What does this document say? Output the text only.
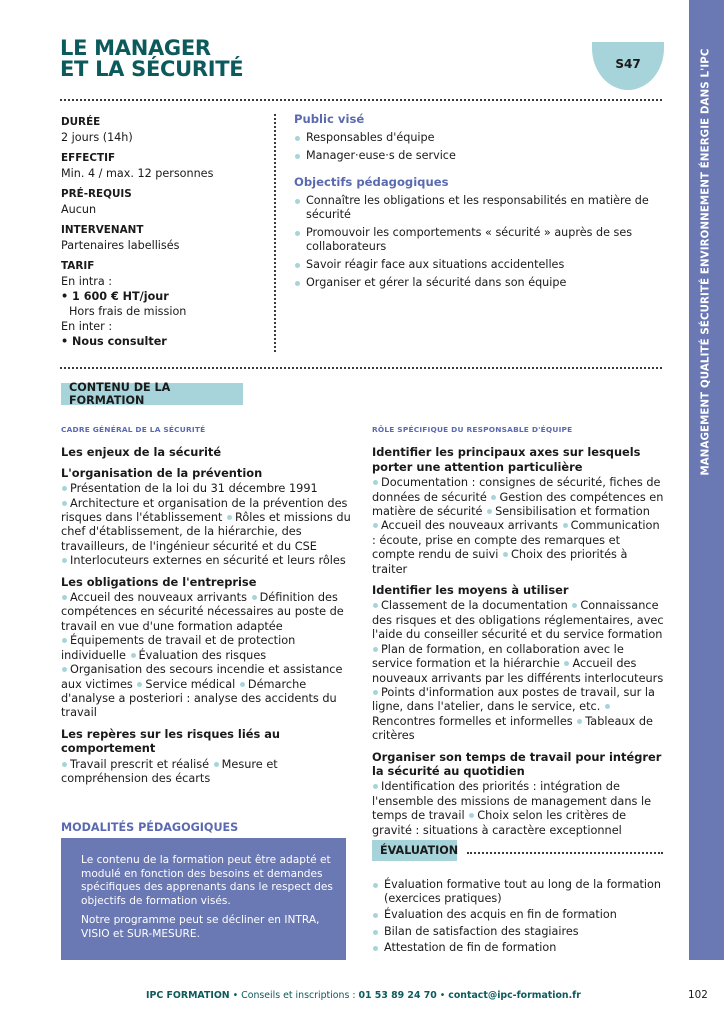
MANAGEMENT QUALITÉ SÉCURITÉ ENVIRONNEMENT ÉNERGIE DANS L'IPC
LE MANAGER
ET LA SÉCURITÉ	S47
DURÉE
2 jours (14h)
EFFECTIF
Min. 4 / max. 12 personnes
PRÉ-REQUIS
Aucun
INTERVENANT
Partenaires labellisés
TARIF
En intra :
• 1 600 € HT/jour
Hors frais de mission
En inter :
• Nous consulter
Public visé
Responsables d'équipe
Manager·euse·s de service
Objectifs pédagogiques
Connaître les obligations et les responsabilités en matière de sécurité
Promouvoir les comportements « sécurité » auprès de ses collaborateurs
Savoir réagir face aux situations accidentelles
Organiser et gérer la sécurité dans son équipe
CONTENU DE LA FORMATION
CADRE GÉNÉRAL DE LA SÉCURITÉ
Les enjeux de la sécurité
L'organisation de la prévention
Présentation de la loi du 31 décembre 1991
Architecture et organisation de la prévention des risques dans l'établissement Rôles et missions du chef d'établissement, de la hiérarchie, des travailleurs, de l'ingénieur sécurité et du CSE
Interlocuteurs externes en sécurité et leurs rôles
Les obligations de l'entreprise
Accueil des nouveaux arrivants Définition des compétences en sécurité nécessaires au poste de travail en vue d'une formation adaptée
Équipements de travail et de protection individuelle Évaluation des risques
Organisation des secours incendie et assistance aux victimes Service médical Démarche d'analyse a posteriori : analyse des accidents du travail
Les repères sur les risques liés au comportement
Travail prescrit et réalisé Mesure et compréhension des écarts
RÔLE SPÉCIFIQUE DU RESPONSABLE D'ÉQUIPE
Identifier les principaux axes sur lesquels porter une attention particulière
Documentation : consignes de sécurité, fiches de données de sécurité Gestion des compétences en matière de sécurité Sensibilisation et formation
Accueil des nouveaux arrivants Communication : écoute, prise en compte des remarques et compte rendu de suivi Choix des priorités à traiter
Identifier les moyens à utiliser
Classement de la documentation Connaissance des risques et des obligations réglementaires, avec l'aide du conseiller sécurité et du service formation
Plan de formation, en collaboration avec le service formation et la hiérarchie Accueil des nouveaux arrivants par les différents interlocuteurs Points d'information aux postes de travail, sur la ligne, dans l'atelier, dans le service, etc. Rencontres formelles et informelles Tableaux de critères
Organiser son temps de travail pour intégrer la sécurité au quotidien
Identification des priorités : intégration de l'ensemble des missions de management dans le temps de travail Choix selon les critères de gravité : situations à caractère exceptionnel
MODALITÉS PÉDAGOGIQUES

Le contenu de la formation peut être adapté et modulé en fonction des besoins et demandes spécifiques des apprenants dans le respect des objectifs de formation visés.

Notre programme peut se décliner en INTRA, VISIO et SUR-MESURE.

ÉVALUATION
Évaluation formative tout au long de la formation (exercices pratiques)
Évaluation des acquis en fin de formation
Bilan de satisfaction des stagiaires
Attestation de fin de formation
IPC FORMATION • Conseils et inscriptions : 01 53 89 24 70 • contact@ipc-formation.fr	102
